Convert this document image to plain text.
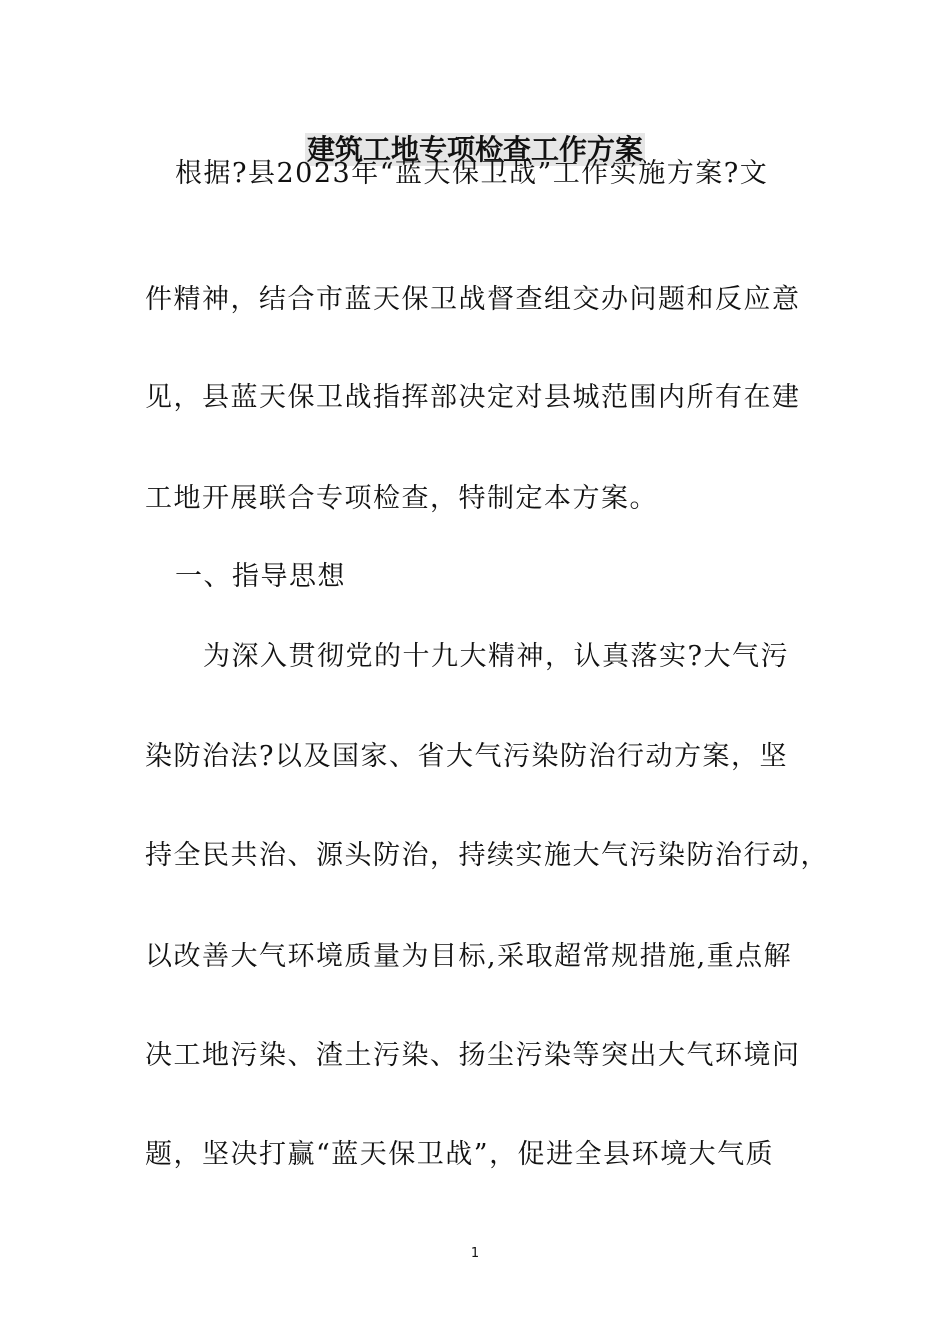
建筑工地专项检查工作方案
根据?县2023年“蓝天保卫战”工作实施方案?文
件精神，结合市蓝天保卫战督查组交办问题和反应意
见，县蓝天保卫战指挥部决定对县城范围内所有在建
工地开展联合专项检查，特制定本方案。
一、指导思想
为深入贯彻党的十九大精神，认真落实?大气污
染防治法?以及国家、省大气污染防治行动方案，坚
持全民共治、源头防治，持续实施大气污染防治行动，
以改善大气环境质量为目标,采取超常规措施,重点解
决工地污染、渣土污染、扬尘污染等突出大气环境问
题，坚决打赢“蓝天保卫战”，促进全县环境大气质
1
